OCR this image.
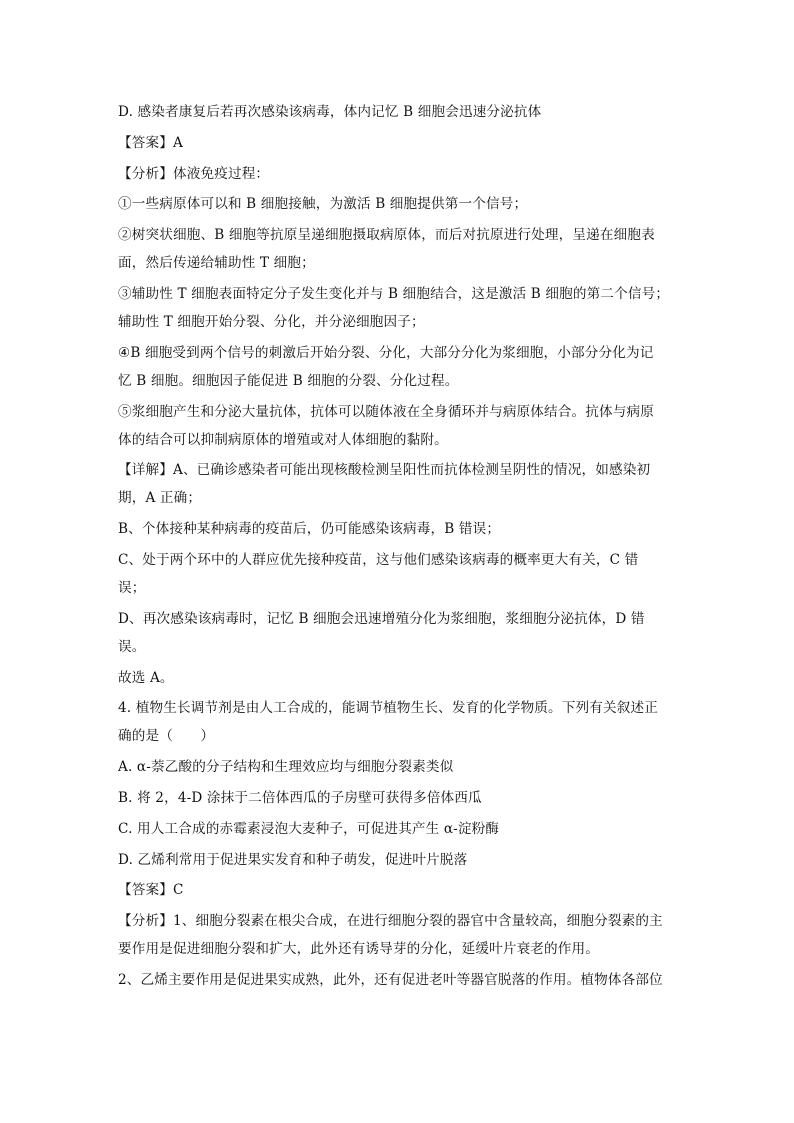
D. 感染者康复后若再次感染该病毒，体内记忆 B 细胞会迅速分泌抗体
【答案】A
【分析】体液免疫过程：
①一些病原体可以和 B 细胞接触，为激活 B 细胞提供第一个信号；
②树突状细胞、B 细胞等抗原呈递细胞摄取病原体，而后对抗原进行处理，呈递在细胞表
面，然后传递给辅助性 T 细胞；
③辅助性 T 细胞表面特定分子发生变化并与 B 细胞结合，这是激活 B 细胞的第二个信号；
辅助性 T 细胞开始分裂、分化，并分泌细胞因子；
④B 细胞受到两个信号的刺激后开始分裂、分化，大部分分化为浆细胞，小部分分化为记
忆 B 细胞。细胞因子能促进 B 细胞的分裂、分化过程。
⑤浆细胞产生和分泌大量抗体，抗体可以随体液在全身循环并与病原体结合。抗体与病原
体的结合可以抑制病原体的增殖或对人体细胞的黏附。
【详解】A、已确诊感染者可能出现核酸检测呈阳性而抗体检测呈阴性的情况，如感染初
期，A 正确；
B、个体接种某种病毒的疫苗后，仍可能感染该病毒，B 错误；
C、处于两个环中的人群应优先接种疫苗，这与他们感染该病毒的概率更大有关，C 错
误；
D、再次感染该病毒时，记忆 B 细胞会迅速增殖分化为浆细胞，浆细胞分泌抗体，D 错
误。
故选 A。
4. 植物生长调节剂是由人工合成的，能调节植物生长、发育的化学物质。下列有关叙述正
确的是（　　）
A. α-萘乙酸的分子结构和生理效应均与细胞分裂素类似
B. 将 2，4-D 涂抹于二倍体西瓜的子房壁可获得多倍体西瓜
C. 用人工合成的赤霉素浸泡大麦种子，可促进其产生 α-淀粉酶
D. 乙烯利常用于促进果实发育和种子萌发，促进叶片脱落
【答案】C
【分析】1、细胞分裂素在根尖合成，在进行细胞分裂的器官中含量较高，细胞分裂素的主
要作用是促进细胞分裂和扩大，此外还有诱导芽的分化，延缓叶片衰老的作用。
2、乙烯主要作用是促进果实成熟，此外，还有促进老叶等器官脱落的作用。植物体各部位
